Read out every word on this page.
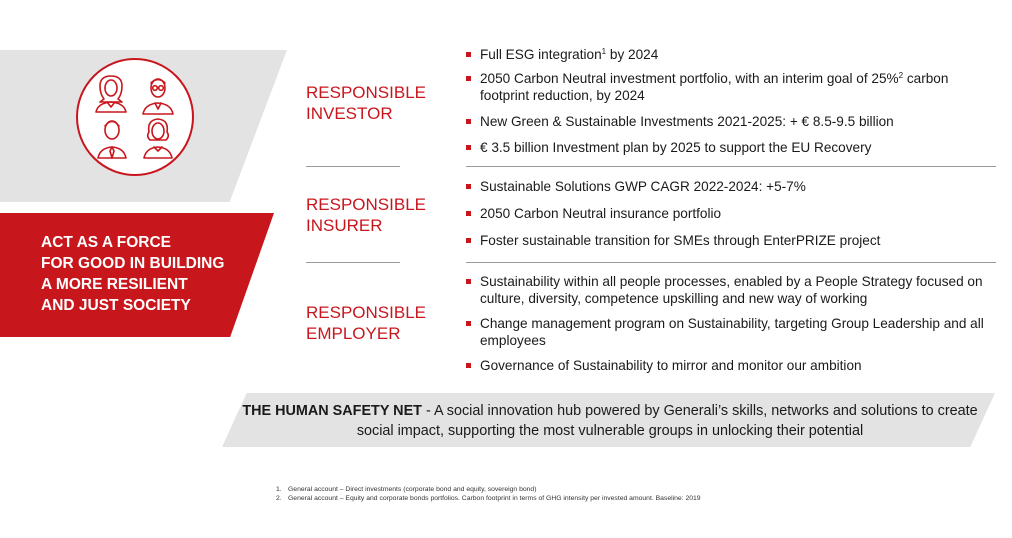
ACT AS A FORCE
FOR GOOD IN BUILDING
A MORE RESILIENT
AND JUST SOCIETY
RESPONSIBLE
INVESTOR
Full ESG integration$^1$ by 2024
2050 Carbon Neutral investment portfolio, with an interim goal of 25%$^2$ carbon footprint reduction, by 2024
New Green & Sustainable Investments 2021-2025: + € 8.5-9.5 billion
€ 3.5 billion Investment plan by 2025 to support the EU Recovery
RESPONSIBLE
INSURER
Sustainable Solutions GWP CAGR 2022-2024: +5-7%
2050 Carbon Neutral insurance portfolio
Foster sustainable transition for SMEs through EnterPRIZE project
RESPONSIBLE
EMPLOYER
Sustainability within all people processes, enabled by a People Strategy focused on culture, diversity, competence upskilling and new way of working
Change management program on Sustainability, targeting Group Leadership and all employees
Governance of Sustainability to mirror and monitor our ambition
THE HUMAN SAFETY NET - A social innovation hub powered by Generali’s skills, networks and solutions to create social impact, supporting the most vulnerable groups in unlocking their potential
1. General account – Direct investments (corporate bond and equity, sovereign bond)
2. General account – Equity and corporate bonds portfolios. Carbon footprint in terms of GHG intensity per invested amount. Baseline: 2019
